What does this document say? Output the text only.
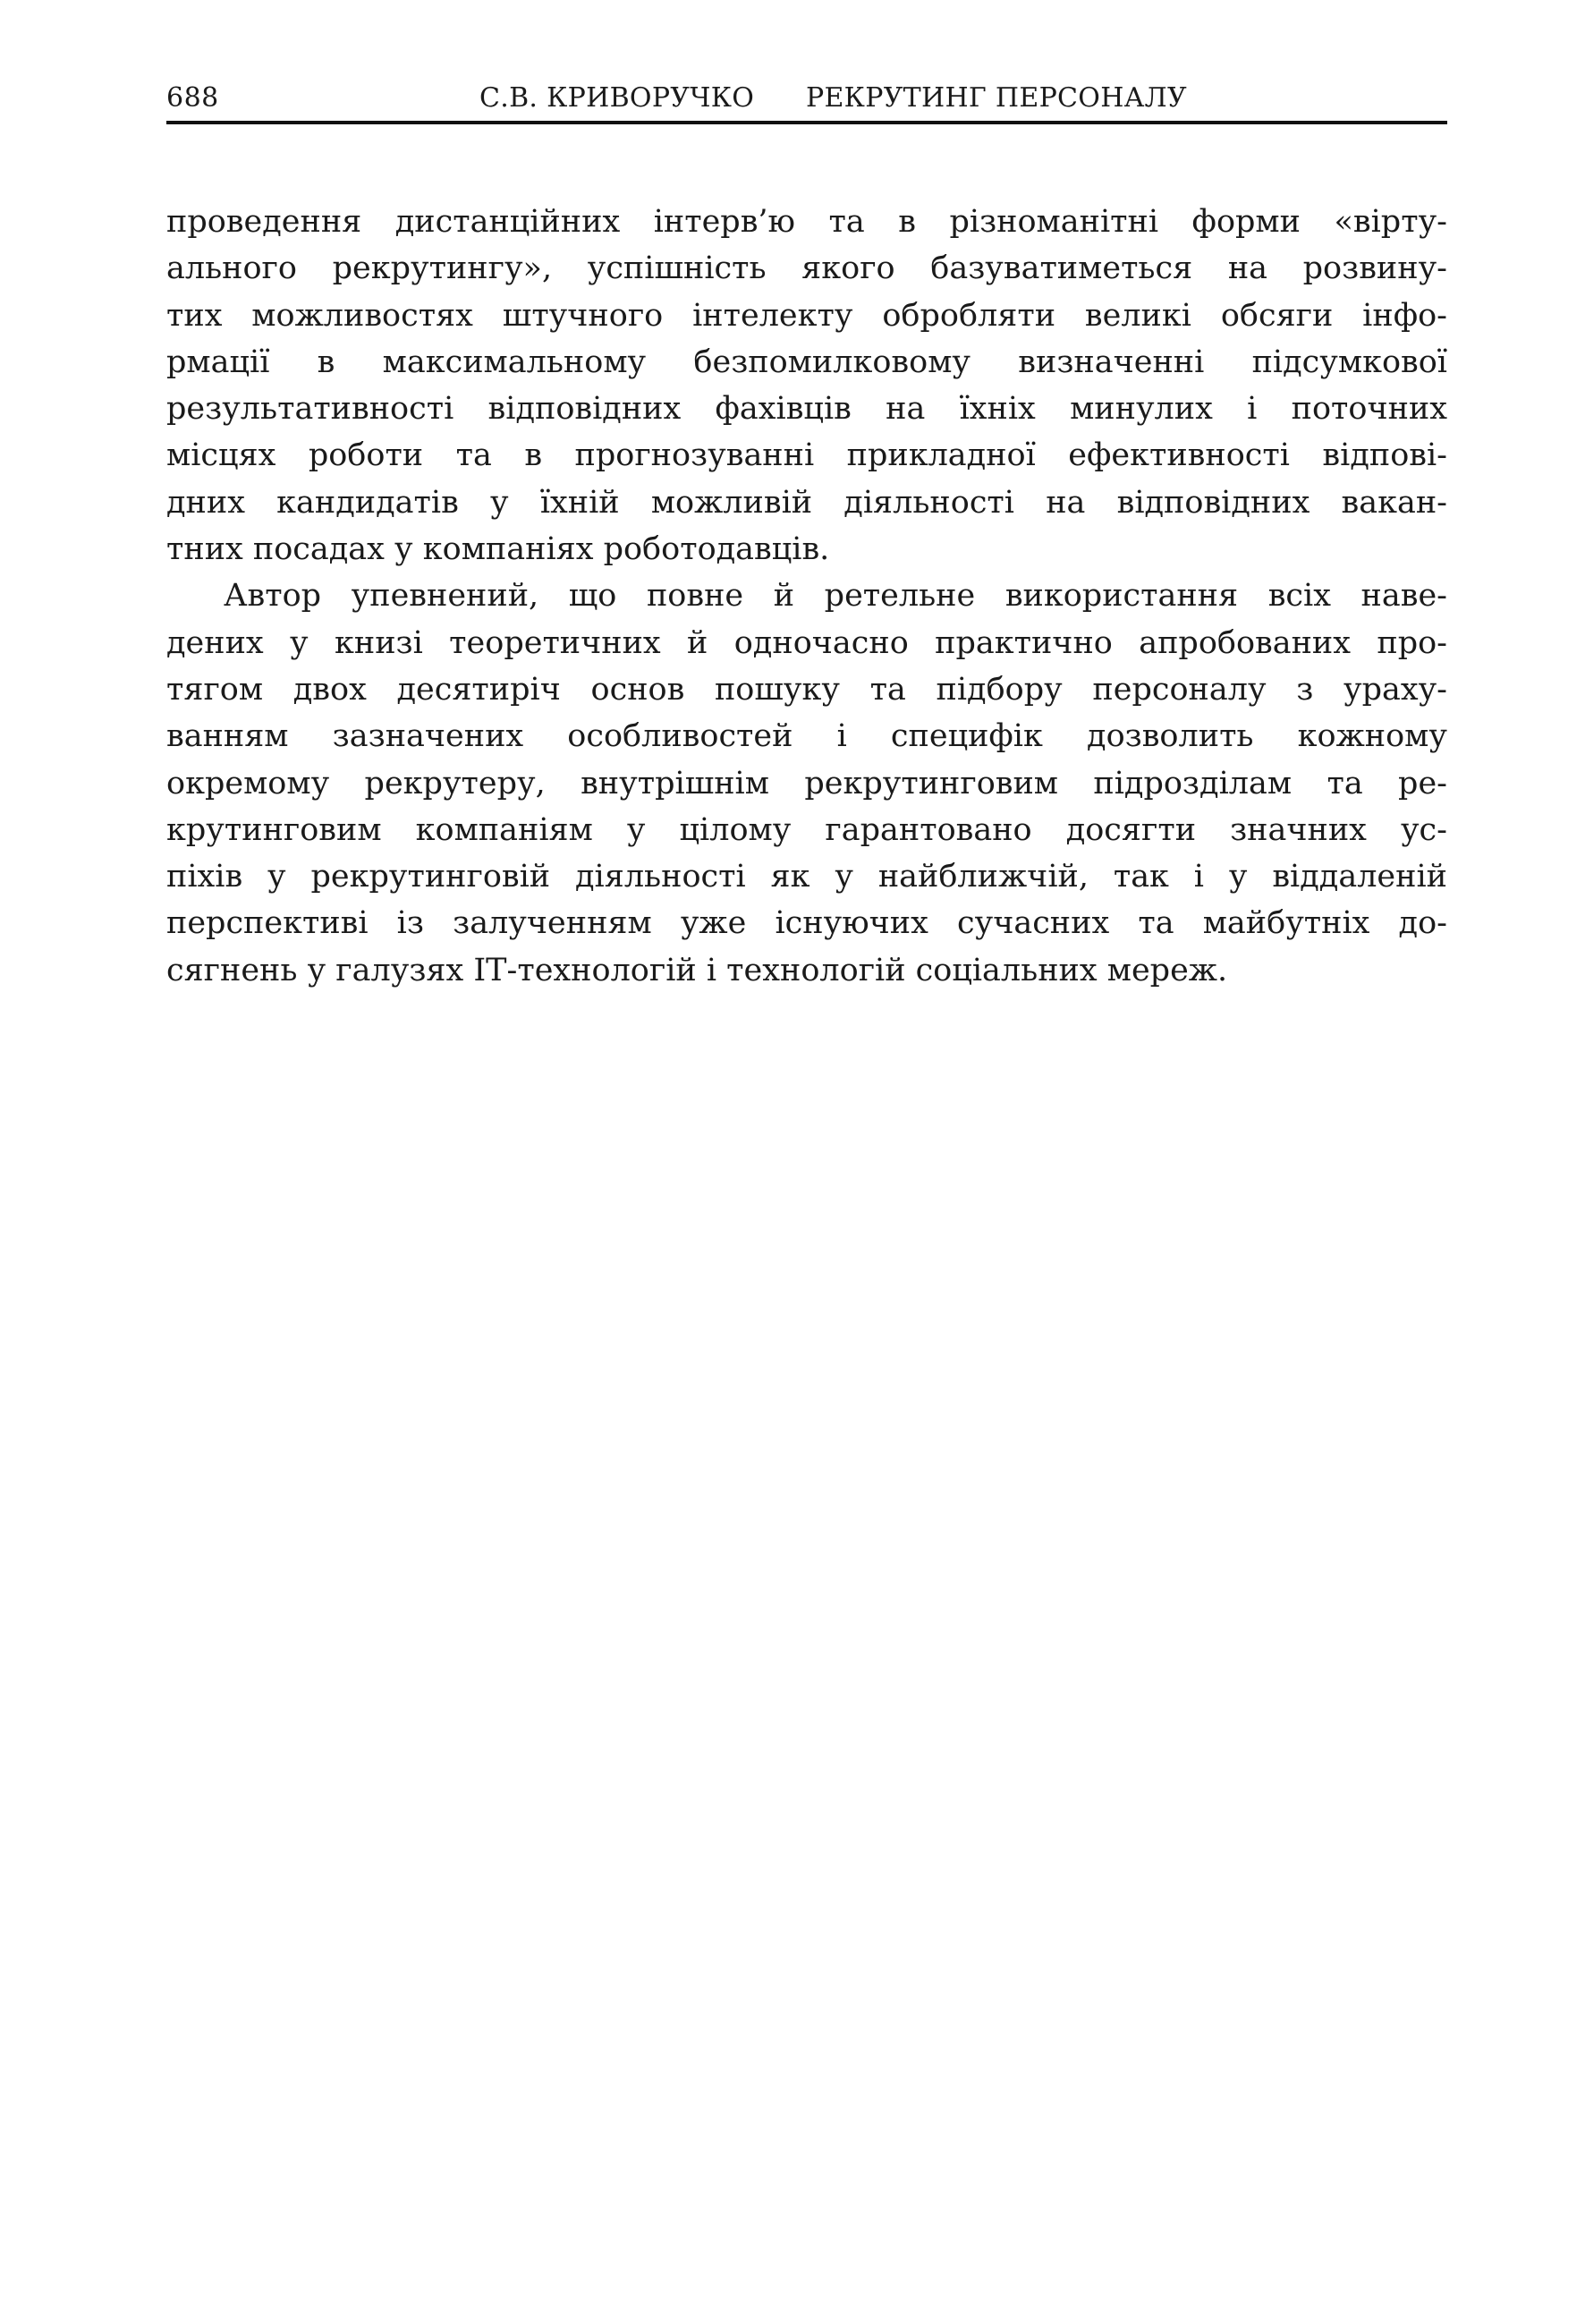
688	С.В. КРИВОРУЧКО РЕКРУТИНГ ПЕРСОНАЛУ
проведення дистанційних інтерв’ю та в різноманітні форми «вірту-
ального рекрутингу», успішність якого базуватиметься на розвину-
тих можливостях штучного інтелекту обробляти великі обсяги інфо-
рмації в максимальному безпомилковому визначенні підсумкової
результативності відповідних фахівців на їхніх минулих і поточних
місцях роботи та в прогнозуванні прикладної ефективності відпові-
дних кандидатів у їхній можливій діяльності на відповідних вакан-
тних посадах у компаніях роботодавців.
Автор упевнений, що повне й ретельне використання всіх наве-
дених у книзі теоретичних й одночасно практично апробованих про-
тягом двох десятиріч основ пошуку та підбору персоналу з ураху-
ванням зазначених особливостей і специфік дозволить кожному
окремому рекрутеру, внутрішнім рекрутинговим підрозділам та ре-
крутинговим компаніям у цілому гарантовано досягти значних ус-
піхів у рекрутинговій діяльності як у найближчій, так і у віддаленій
перспективі із залученням уже існуючих сучасних та майбутніх до-
сягнень у галузях ІТ-технологій і технологій соціальних мереж.
